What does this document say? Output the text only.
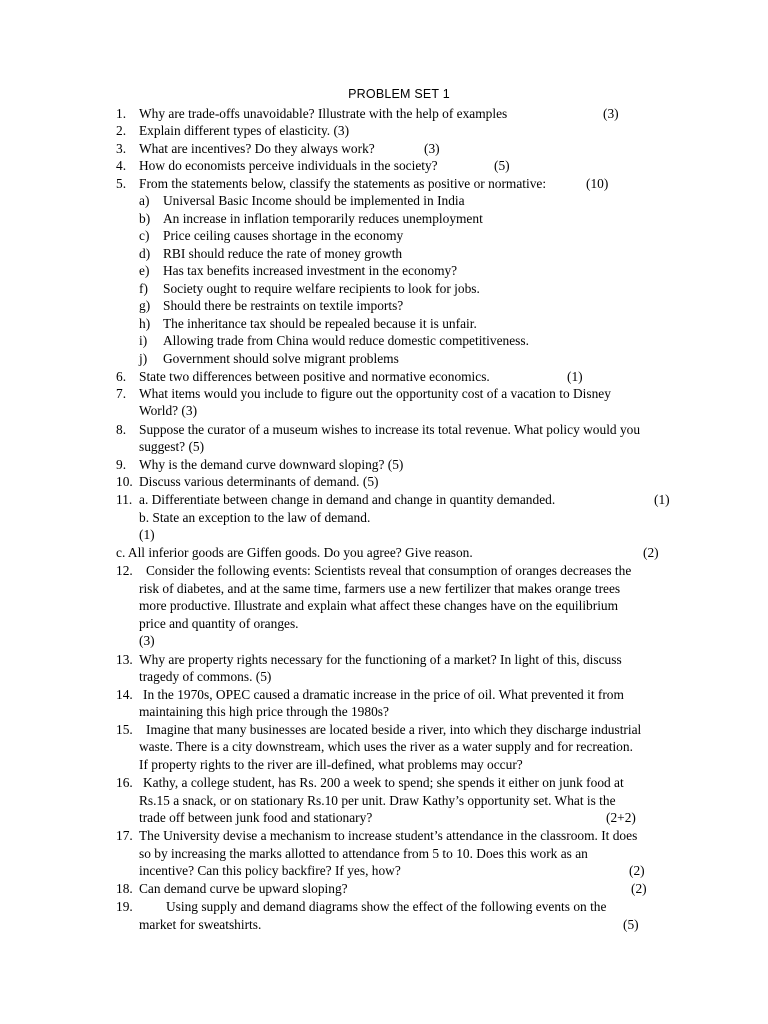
PROBLEM SET 1
1. Why are trade-offs unavoidable? Illustrate with the help of examples	(3)
2. Explain different types of elasticity. (3)
3. What are incentives? Do they always work?	(3)
4. How do economists perceive individuals in the society?	(5)
5. From the statements below, classify the statements as positive or normative:	(10)
a) Universal Basic Income should be implemented in India
b) An increase in inflation temporarily reduces unemployment
c) Price ceiling causes shortage in the economy
d) RBI should reduce the rate of money growth
e) Has tax benefits increased investment in the economy?
f) Society ought to require welfare recipients to look for jobs.
g) Should there be restraints on textile imports?
h) The inheritance tax should be repealed because it is unfair.
i) Allowing trade from China would reduce domestic competitiveness.
j) Government should solve migrant problems
6. State two differences between positive and normative economics.	(1)
7. What items would you include to figure out the opportunity cost of a vacation to Disney
World? (3)
8. Suppose the curator of a museum wishes to increase its total revenue. What policy would you
suggest? (5)
9. Why is the demand curve downward sloping? (5)
10. Discuss various determinants of demand. (5)
11. a. Differentiate between change in demand and change in quantity demanded.	(1)
b. State an exception to the law of demand.
(1)
c. All inferior goods are Giffen goods. Do you agree? Give reason.	(2)
12. Consider the following events: Scientists reveal that consumption of oranges decreases the
risk of diabetes, and at the same time, farmers use a new fertilizer that makes orange trees
more productive. Illustrate and explain what affect these changes have on the equilibrium
price and quantity of oranges.
(3)
13. Why are property rights necessary for the functioning of a market? In light of this, discuss
tragedy of commons. (5)
14. In the 1970s, OPEC caused a dramatic increase in the price of oil. What prevented it from
maintaining this high price through the 1980s?
15. Imagine that many businesses are located beside a river, into which they discharge industrial
waste. There is a city downstream, which uses the river as a water supply and for recreation.
If property rights to the river are ill-defined, what problems may occur?
16. Kathy, a college student, has Rs. 200 a week to spend; she spends it either on junk food at
Rs.15 a snack, or on stationary Rs.10 per unit. Draw Kathy’s opportunity set. What is the
trade off between junk food and stationary?	(2+2)
17. The University devise a mechanism to increase student’s attendance in the classroom. It does
so by increasing the marks allotted to attendance from 5 to 10. Does this work as an
incentive? Can this policy backfire? If yes, how?	(2)
18. Can demand curve be upward sloping?	(2)
19. Using supply and demand diagrams show the effect of the following events on the
market for sweatshirts.	(5)
